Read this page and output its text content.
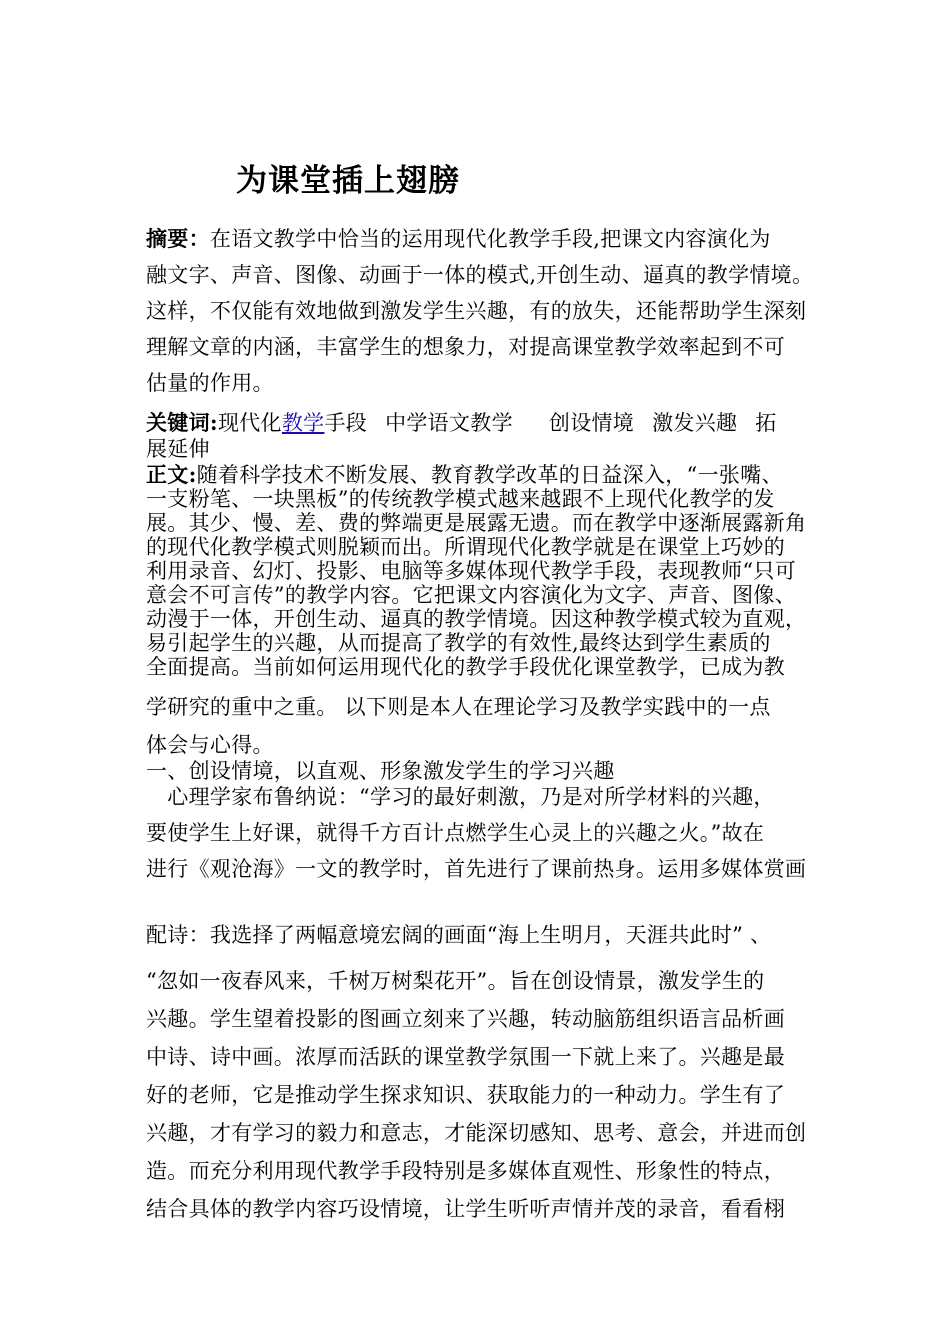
为课堂插上翅膀
摘要：在语文教学中恰当的运用现代化教学手段,把课文内容演化为
融文字、声音、图像、动画于一体的模式,开创生动、逼真的教学情境。
这样，不仅能有效地做到激发学生兴趣，有的放失，还能帮助学生深刻
理解文章的内涵，丰富学生的想象力，对提高课堂教学效率起到不可
估量的作用。
关键词:现代化教学手段 中学语文教学 创设情境 激发兴趣 拓
展延伸
正文:随着科学技术不断发展、教育教学改革的日益深入，“一张嘴、
一支粉笔、一块黑板”的传统教学模式越来越跟不上现代化教学的发
展。其少、慢、差、费的弊端更是展露无遗。而在教学中逐渐展露新角
的现代化教学模式则脱颖而出。所谓现代化教学就是在课堂上巧妙的
利用录音、幻灯、投影、电脑等多媒体现代教学手段，表现教师“只可
意会不可言传”的教学内容。它把课文内容演化为文字、声音、图像、
动漫于一体，开创生动、逼真的教学情境。因这种教学模式较为直观，
易引起学生的兴趣，从而提高了教学的有效性,最终达到学生素质的
全面提高。当前如何运用现代化的教学手段优化课堂教学，已成为教
学研究的重中之重。 以下则是本人在理论学习及教学实践中的一点
体会与心得。
一、创设情境，以直观、形象激发学生的学习兴趣
　心理学家布鲁纳说：“学习的最好刺激，乃是对所学材料的兴趣，
要使学生上好课，就得千方百计点燃学生心灵上的兴趣之火。”故在
进行《观沧海》一文的教学时，首先进行了课前热身。运用多媒体赏画
配诗：我选择了两幅意境宏阔的画面“海上生明月，天涯共此时” 、
“忽如一夜春风来，千树万树梨花开”。旨在创设情景，激发学生的
兴趣。学生望着投影的图画立刻来了兴趣，转动脑筋组织语言品析画
中诗、诗中画。浓厚而活跃的课堂教学氛围一下就上来了。兴趣是最
好的老师，它是推动学生探求知识、获取能力的一种动力。学生有了
兴趣，才有学习的毅力和意志，才能深切感知、思考、意会，并进而创
造。而充分利用现代教学手段特别是多媒体直观性、形象性的特点，
结合具体的教学内容巧设情境，让学生听听声情并茂的录音，看看栩
